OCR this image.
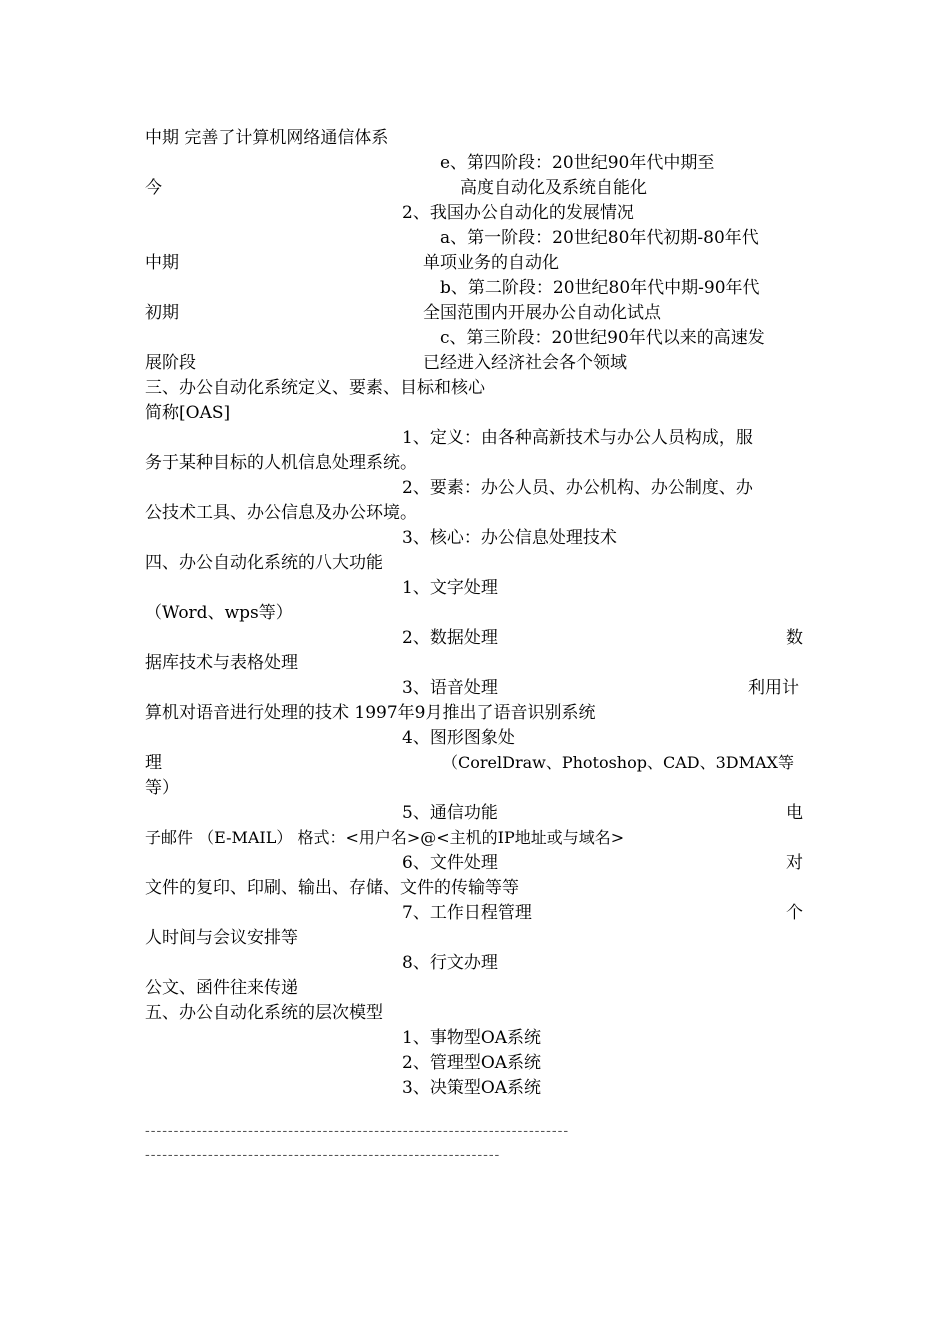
中期 完善了计算机网络通信体系
e、第四阶段：20世纪90年代中期至
今	高度自动化及系统自能化
2、我国办公自动化的发展情况
a、第一阶段：20世纪80年代初期-80年代
中期	单项业务的自动化
b、第二阶段：20世纪80年代中期-90年代
初期	全国范围内开展办公自动化试点
c、第三阶段：20世纪90年代以来的高速发
展阶段	已经进入经济社会各个领域
三、办公自动化系统定义、要素、目标和核心
简称[OAS]
1、定义：由各种高新技术与办公人员构成，服
务于某种目标的人机信息处理系统。
2、要素：办公人员、办公机构、办公制度、办
公技术工具、办公信息及办公环境。
3、核心：办公信息处理技术
四、办公自动化系统的八大功能
1、文字处理
（Word、wps等）
2、数据处理	数
据库技术与表格处理
3、语音处理	利用计
算机对语音进行处理的技术 1997年9月推出了语音识别系统
4、图形图象处
理	（CorelDraw、Photoshop、CAD、3DMAX等
等）
5、通信功能	电
子邮件 （E-MAIL） 格式：<用户名>@<主机的IP地址或与域名>
6、文件处理	对
文件的复印、印刷、输出、存储、文件的传输等等
7、工作日程管理	个
人时间与会议安排等
8、行文办理
公文、函件往来传递
五、办公自动化系统的层次模型
1、事物型OA系统
2、管理型OA系统
3、决策型OA系统
--------------------------------------------------------------------------
--------------------------------------------------------------
